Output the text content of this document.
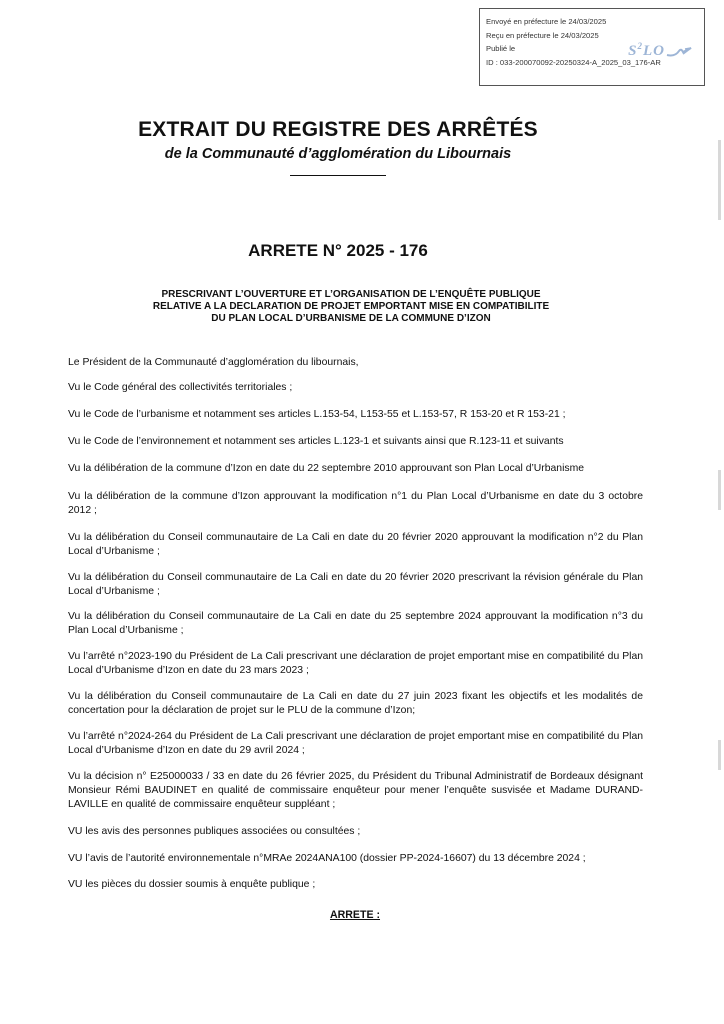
Envoyé en préfecture le 24/03/2025
Reçu en préfecture le 24/03/2025
Publié le
ID : 033-200070092-20250324-A_2025_03_176-AR
$S^2LO$
EXTRAIT DU REGISTRE DES ARRÊTÉS
de la Communauté d’agglomération du Libournais
ARRETE N° 2025 - 176
PRESCRIVANT L’OUVERTURE ET L’ORGANISATION DE L’ENQUÊTE PUBLIQUE
RELATIVE A LA DECLARATION DE PROJET EMPORTANT MISE EN COMPATIBILITE
DU PLAN LOCAL D’URBANISME DE LA COMMUNE D’IZON
Le Président de la Communauté d’agglomération du libournais,
Vu le Code général des collectivités territoriales ;
Vu le Code de l’urbanisme et notamment ses articles L.153-54, L153-55 et L.153-57, R 153-20 et R 153-21 ;
Vu le Code de l’environnement et notamment ses articles L.123-1 et suivants ainsi que R.123-11 et suivants
Vu la délibération de la commune d’Izon en date du 22 septembre 2010 approuvant son Plan Local d’Urbanisme
Vu la délibération de la commune d’Izon approuvant la modification n°1 du Plan Local d’Urbanisme en date du 3 octobre 2012 ;
Vu la délibération du Conseil communautaire de La Cali en date du 20 février 2020 approuvant la modification n°2 du Plan Local d’Urbanisme ;
Vu la délibération du Conseil communautaire de La Cali en date du 20 février 2020 prescrivant la révision générale du Plan Local d’Urbanisme ;
Vu la délibération du Conseil communautaire de La Cali en date du 25 septembre 2024 approuvant la modification n°3 du Plan Local d’Urbanisme ;
Vu l’arrêté n°2023-190 du Président de La Cali prescrivant une déclaration de projet emportant mise en compatibilité du Plan Local d’Urbanisme d’Izon en date du 23 mars 2023 ;
Vu la délibération du Conseil communautaire de La Cali en date du 27 juin 2023 fixant les objectifs et les modalités de concertation pour la déclaration de projet sur le PLU de la commune d’Izon;
Vu l’arrêté n°2024-264 du Président de La Cali prescrivant une déclaration de projet emportant mise en compatibilité du Plan Local d’Urbanisme d’Izon en date du 29 avril 2024 ;
Vu la décision n° E25000033 / 33 en date du 26 février 2025, du Président du Tribunal Administratif de Bordeaux désignant Monsieur Rémi BAUDINET en qualité de commissaire enquêteur pour mener l’enquête susvisée et Madame DURAND-LAVILLE en qualité de commissaire enquêteur suppléant ;
VU les avis des personnes publiques associées ou consultées ;
VU l’avis de l’autorité environnementale n°MRAe 2024ANA100 (dossier PP-2024-16607) du 13 décembre 2024 ;
VU les pièces du dossier soumis à enquête publique ;
ARRETE :
